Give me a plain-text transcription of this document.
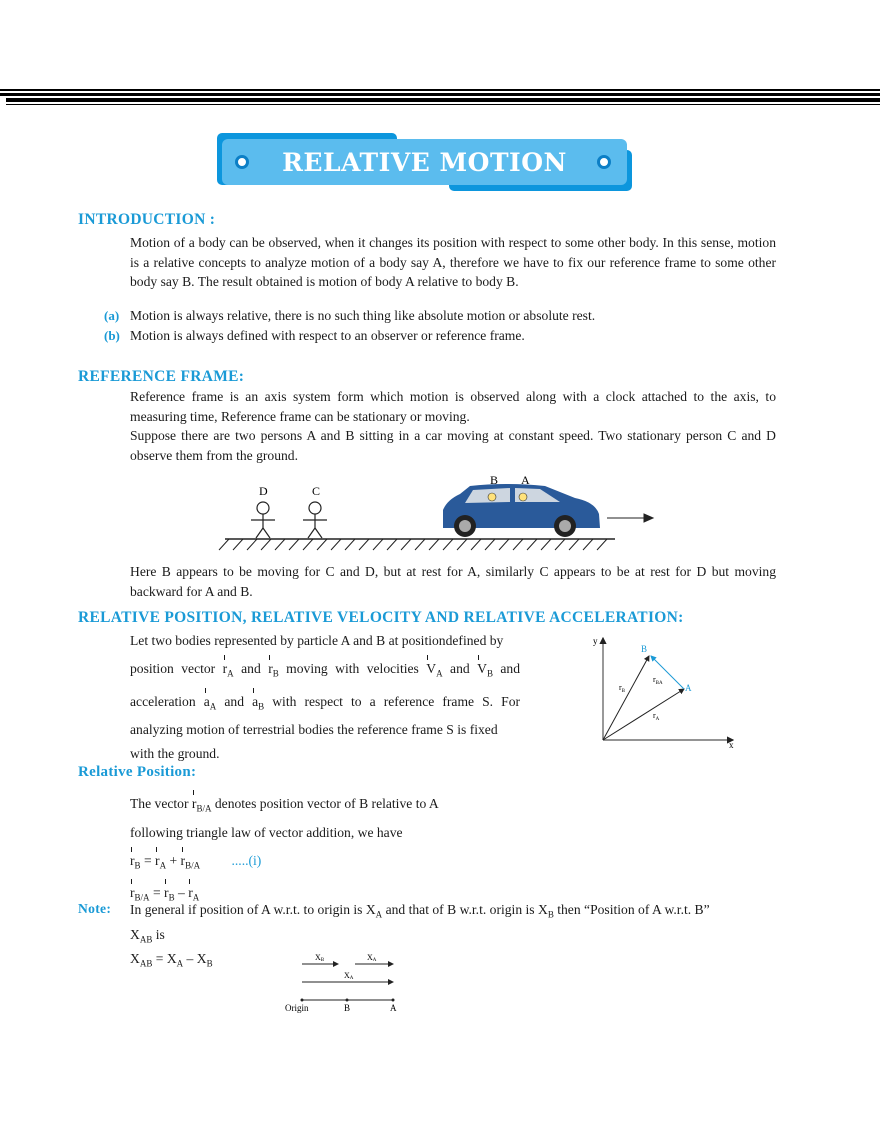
RELATIVE MOTION
INTRODUCTION :
Motion of a body can be observed, when it changes its position with respect to some other body. In this sense, motion is a relative concepts to analyze motion of a body say A, therefore we have to fix our reference frame to some other body say B. The result obtained is motion of body A relative to body B.
(a) Motion is always relative, there is no such thing like absolute motion or absolute rest.
(b) Motion is always defined with respect to an observer or reference frame.
REFERENCE FRAME:
Reference frame is an axis system form which motion is observed along with a clock attached to the axis, to measuring time, Reference frame can be stationary or moving.
Suppose there are two persons A and B sitting in a car moving at constant speed. Two stationary person C and D observe them from the ground.
D	C
B A
Here B appears to be moving for C and D, but at rest for A, similarly C appears to be at rest for D but moving backward for A and B.
RELATIVE POSITION, RELATIVE VELOCITY AND RELATIVE ACCELERATION:
Let two bodies represented by particle A and B at positiondefined by
position vector $r_A$ and $r_B$ moving with velocities $V_A$ and $V_B$ and
acceleration $a_A$ and $a_B$ with respect to a reference frame S. For
analyzing motion of terrestrial bodies the reference frame S is fixed
with the ground.
y
x
B
A
$r_B$
$r_{BA}$
$r_A$
Relative Position:
The vector $r_{B/A}$ denotes position vector of B relative to A
following triangle law of vector addition, we have
$r_B = r_A + r_{B/A}$ .....(i)
$r_{B/A} = r_B - r_A$
Note: In general if position of A w.r.t. to origin is $X_A$ and that of B w.r.t. origin is $X_B$ then “Position of A w.r.t. B”
$X_{AB}$ is
$X_{AB} = X_A - X_B$
XB	XA
XA
Origin	B	A
